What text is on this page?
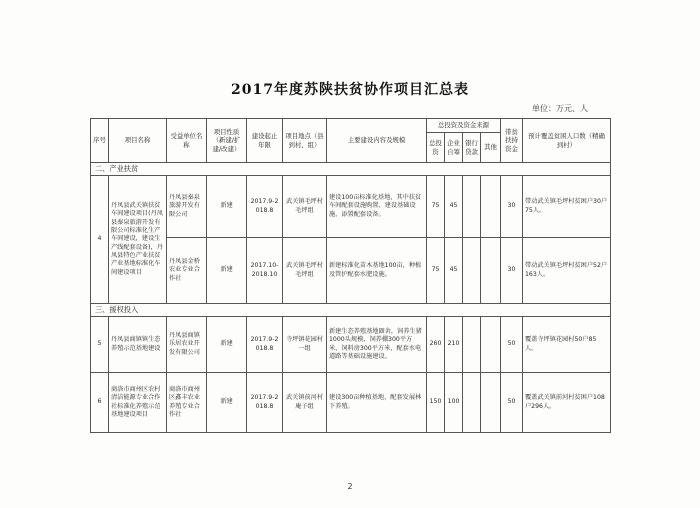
2017年度苏陕扶贫协作项目汇总表
单位：万元、人
序号	项目名称	受益单位名称	项目性质（新建/扩建/改建）	建设起止年限	项目地点（县到村、组）	主要建设内容及规模	总投资及资金来源				带贫扶持资金	预计覆盖贫困人口数（精确到村）
							总投资	企业自筹	银行贷款	其他		
二、产业扶贫												
4	丹凤县武关镇扶贫车间建设项目(丹凤县秦泉旅游开发有限公司标准化生产车间建设，建设生产线配套设备)，丹凤县特色产业扶贫产业基地标准化车间建设项目	丹凤县秦泉旅游开发有限公司	新建	2017.9-2018.8	武关镇毛坪村毛坪组	建设100亩标准化基地，其中扶贫车间配套设施购置、建设基础设施、添置配套设备。	75	45			30	带动武关镇毛坪村贫困户30户75人。
		丹凤县金桥农业专业合作社	新建	2017.10-2018.10	武关镇毛坪村毛坪组	新建标准化苗木基地100亩，种植及管护配套水肥设施。	75	45			30	带动武关镇毛坪村贫困户52户163人。
三、援权投入												
5	丹凤县商镇镇生态养殖示范基地建设	丹凤县商镇乐居农业开发有限公司	新建	2017.9-2018.8	寺坪镇花园村一组	新建生态养殖基地圈舍，饲养生猪1000头规模，饲养棚300平方米，饲料房300平方米，配套水电道路等基础设施建设。	260	210			50	覆盖寺坪镇花园村50户85人。
6	商洛市商州区农村清洁能源专业合作社标准化养殖示范基地建设项目	商洛市商州区鑫丰农业养殖专业合作社	新建	2017.9-2018.8	武关镇前河村庵子组	建设300亩种植基地，配套发展林下养殖。	150	100			50	覆盖武关镇前河村贫困户108户296人。
2
